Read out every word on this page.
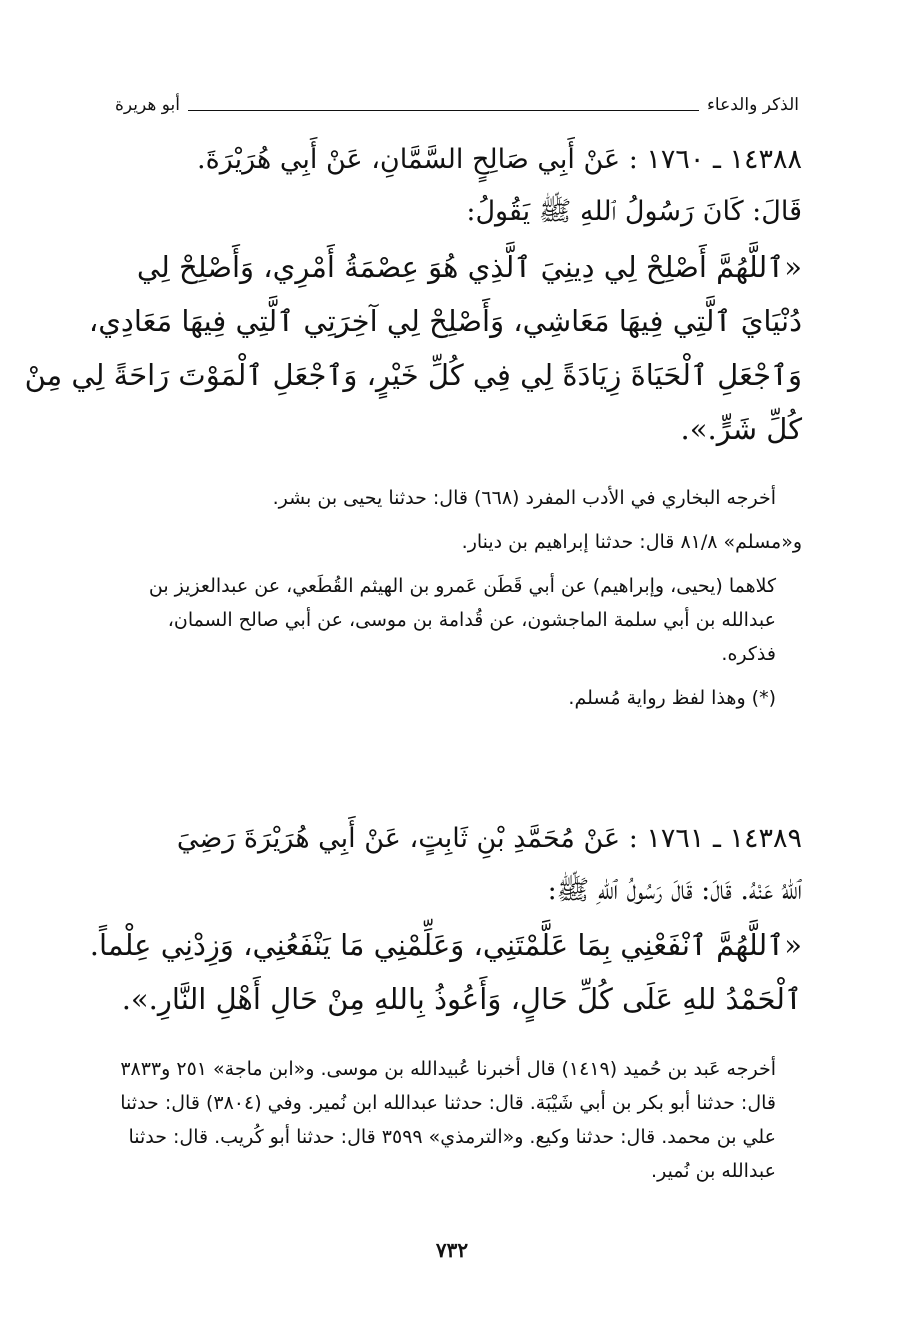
الذكر والدعاء
أبو هريرة
١٤٣٨٨ ـ ١٧٦٠ : عَنْ أَبِي صَالِحٍ السَّمَّانِ، عَنْ أَبِي هُرَيْرَةَ.
قَالَ: كَانَ رَسُولُ ٱللهِ ﷺ يَقُولُ:
«ٱللَّهُمَّ أَصْلِحْ لِي دِينِيَ ٱلَّذِي هُوَ عِصْمَةُ أَمْرِي، وَأَصْلِحْ لِي
دُنْيَايَ ٱلَّتِي فِيهَا مَعَاشِي، وَأَصْلِحْ لِي آخِرَتِي ٱلَّتِي فِيهَا مَعَادِي،
وَٱجْعَلِ ٱلْحَيَاةَ زِيَادَةً لِي فِي كُلِّ خَيْرٍ، وَٱجْعَلِ ٱلْمَوْتَ رَاحَةً لِي مِنْ
كُلِّ شَرٍّ.».

أخرجه البخاري في الأدب المفرد (٦٦٨) قال: حدثنا يحيى بن بشر.

و«مسلم» ٨١/٨ قال: حدثنا إبراهيم بن دينار.

كلاهما (يحيى، وإبراهيم) عن أبي قَطَن عَمرو بن الهيثم القُطَعي، عن عبدالعزيز بن عبدالله بن أبي سلمة الماجشون، عن قُدامة بن موسى، عن أبي صالح السمان، فذكره.

(*) وهذا لفظ رواية مُسلم.

١٤٣٨٩ ـ ١٧٦١ : عَنْ مُحَمَّدِ بْنِ ثَابِتٍ، عَنْ أَبِي هُرَيْرَةَ رَضِيَ
ٱللهُ عَنْهُ. قَالَ: قَالَ رَسُولُ ٱللهِ ﷺ:
«ٱللَّهُمَّ ٱنْفَعْنِي بِمَا عَلَّمْتَنِي، وَعَلِّمْنِي مَا يَنْفَعُنِي، وَزِدْنِي عِلْماً.
ٱلْحَمْدُ للهِ عَلَى كُلِّ حَالٍ، وَأَعُوذُ بِاللهِ مِنْ حَالِ أَهْلِ النَّارِ.».

أخرجه عَبد بن حُميد (١٤١٩) قال أخبرنا عُبيدالله بن موسى. و«ابن ماجة» ٢٥١ و٣٨٣٣ قال: حدثنا أبو بكر بن أبي شَيْبَة. قال: حدثنا عبدالله ابن نُمير. وفي (٣٨٠٤) قال: حدثنا علي بن محمد. قال: حدثنا وكيع. و«الترمذي» ٣٥٩٩ قال: حدثنا أبو كُريب. قال: حدثنا عبدالله بن نُمير.

٧٣٢
